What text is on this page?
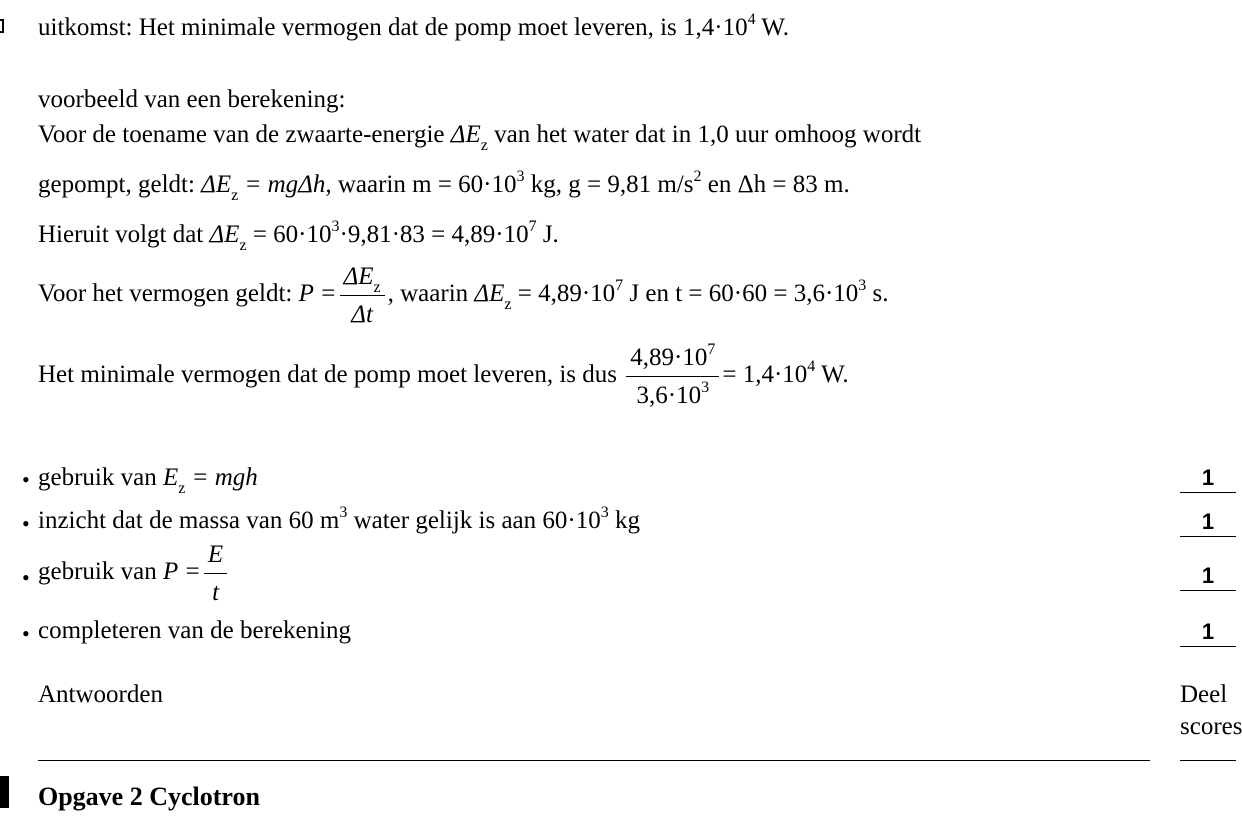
uitkomst: Het minimale vermogen dat de pomp moet leveren, is $1,4\cdot 10^4$ W.
voorbeeld van een berekening:
Voor de toename van de zwaarte-energie $\Delta E_z$ van het water dat in 1,0 uur omhoog wordt
gepompt, geldt: $\Delta E_z = mg\Delta h$, waarin $m = 60\cdot 10^3$ kg, g = 9,81 $m/s^2$ en Δh = 83 m.
Hieruit volgt dat $\Delta E_z = 60\cdot 10^3\cdot 9,81\cdot 83 = 4,89\cdot 10^7$ J.
Voor het vermogen geldt: $P = \frac{\Delta E_z}{\Delta t}$ , waarin $\Delta E_z = 4,89\cdot 10^7$ J en $t = 60\cdot 60 = 3,6\cdot 10^3$ s.
Het minimale vermogen dat de pomp moet leveren, is dus $\frac{4,89\cdot 10^7}{3,6\cdot 10^3} = 1,4\cdot 10^4$ W.
• gebruik van $E_z$ = mgh	1
• inzicht dat de massa van 60 $m^3$ water gelijk is aan $60\cdot 10^3$ kg	1
• gebruik van $P = \frac{E}{t}$	1
• completeren van de berekening	1
Antwoorden	Deel
scores
Opgave 2 Cyclotron
